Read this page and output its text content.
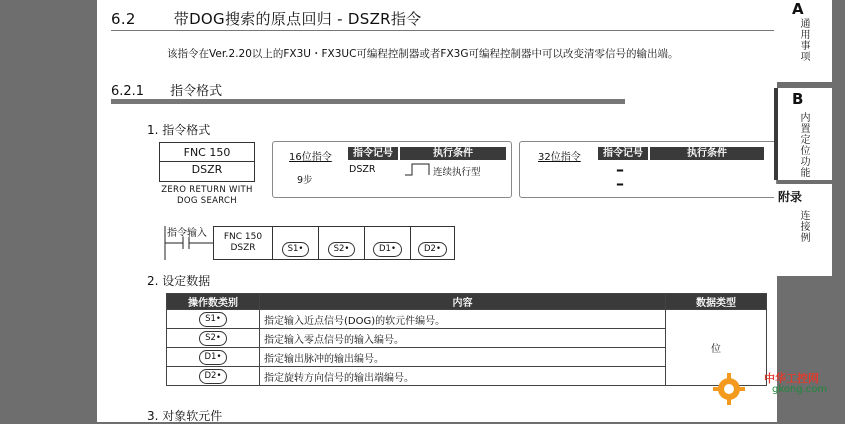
6.2	带DOG搜索的原点回归 - DSZR指令
该指令在Ver.2.20以上的FX3U・FX3UC可编程控制器或者FX3G可编程控制器中可以改变清零信号的输出端。
6.2.1 指令格式
1. 指令格式
FNC 150
DSZR
ZERO RETURN WITH
DOG SEARCH
16位指令	指令记号	执行条件
9步
DSZR	连续执行型
32位指令	指令记号	执行条件
–
–
指令输入	FNC 150
DSZR	S1•	S2•	D1•	D2•
2. 设定数据
操作数类别	内容	数据类型
S1•	指定输入近点信号(DOG)的软元件编号。	位
S2•	指定输入零点信号的输入编号。	
D1•	指定输出脉冲的输出编号。	
D2•	指定旋转方向信号的输出端编号。	
3. 对象软元件
A
通用事项
B
内置定位功能
附录
连接例
中华工控网
gkong.com
